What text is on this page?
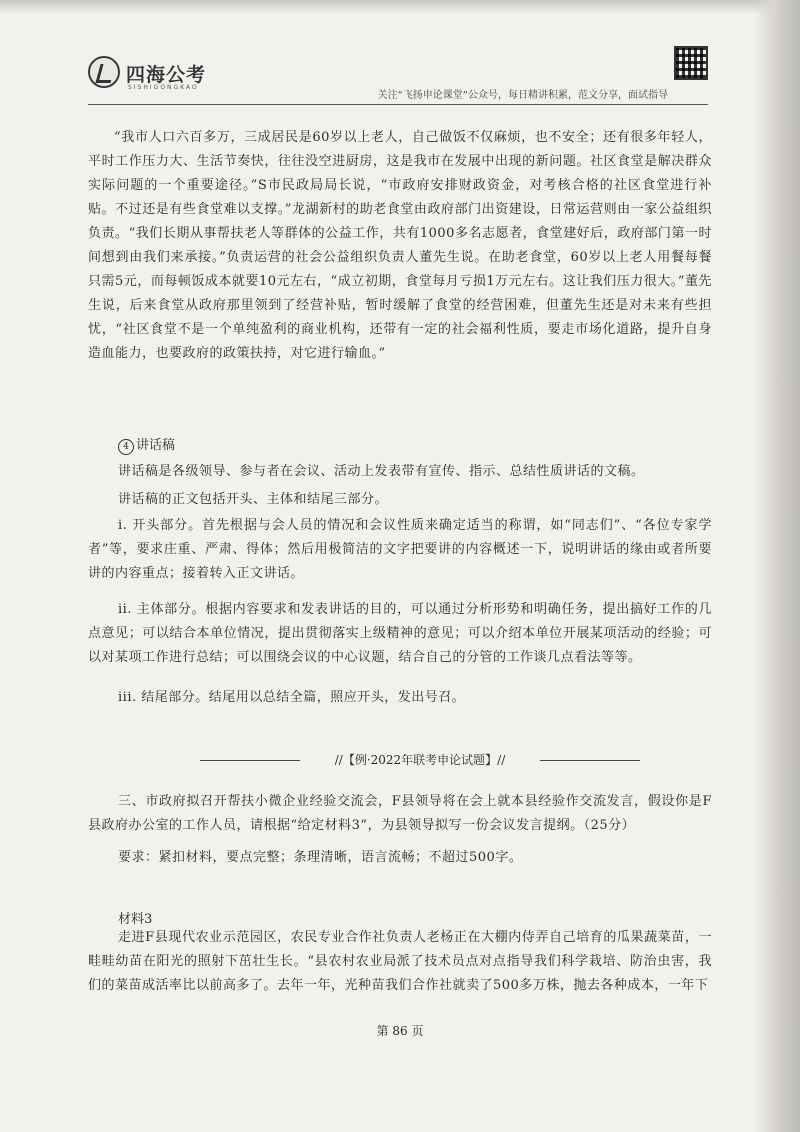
四海公考
SISHIGONGKAO
关注“飞扬申论课堂”公众号，每日精讲积累，范文分享，面试指导

“我市人口六百多万，三成居民是60岁以上老人，自己做饭不仅麻烦，也不安全；还有很多年轻人，平时工作压力大、生活节奏快，往往没空进厨房，这是我市在发展中出现的新问题。社区食堂是解决群众实际问题的一个重要途径。”S市民政局局长说，“市政府安排财政资金，对考核合格的社区食堂进行补贴。不过还是有些食堂难以支撑。”龙湖新村的助老食堂由政府部门出资建设，日常运营则由一家公益组织负责。“我们长期从事帮扶老人等群体的公益工作，共有1000多名志愿者，食堂建好后，政府部门第一时间想到由我们来承接。”负责运营的社会公益组织负责人董先生说。在助老食堂，60岁以上老人用餐每餐只需5元，而每顿饭成本就要10元左右，“成立初期，食堂每月亏损1万元左右。这让我们压力很大。”董先生说，后来食堂从政府那里领到了经营补贴，暂时缓解了食堂的经营困难，但董先生还是对未来有些担忧，“社区食堂不是一个单纯盈利的商业机构，还带有一定的社会福利性质，要走市场化道路，提升自身造血能力，也要政府的政策扶持，对它进行输血。”

4 讲话稿

讲话稿是各级领导、参与者在会议、活动上发表带有宣传、指示、总结性质讲话的文稿。

讲话稿的正文包括开头、主体和结尾三部分。

i. 开头部分。首先根据与会人员的情况和会议性质来确定适当的称谓，如“同志们”、“各位专家学者”等，要求庄重、严肃、得体；然后用极简洁的文字把要讲的内容概述一下，说明讲话的缘由或者所要讲的内容重点；接着转入正文讲话。

ii. 主体部分。根据内容要求和发表讲话的目的，可以通过分析形势和明确任务，提出搞好工作的几点意见；可以结合本单位情况，提出贯彻落实上级精神的意见；可以介绍本单位开展某项活动的经验；可以对某项工作进行总结；可以围绕会议的中心议题，结合自己的分管的工作谈几点看法等等。

iii. 结尾部分。结尾用以总结全篇，照应开头，发出号召。

//【例·2022年联考申论试题】//

三、市政府拟召开帮扶小微企业经验交流会，F县领导将在会上就本县经验作交流发言，假设你是F县政府办公室的工作人员，请根据“给定材料3”，为县领导拟写一份会议发言提纲。（25分）

要求：紧扣材料，要点完整；条理清晰，语言流畅；不超过500字。

材料3

走进F县现代农业示范园区，农民专业合作社负责人老杨正在大棚内侍弄自己培育的瓜果蔬菜苗，一畦畦幼苗在阳光的照射下茁壮生长。“县农村农业局派了技术员点对点指导我们科学栽培、防治虫害，我们的菜苗成活率比以前高多了。去年一年，光种苗我们合作社就卖了500多万株，抛去各种成本，一年下

第 86 页
